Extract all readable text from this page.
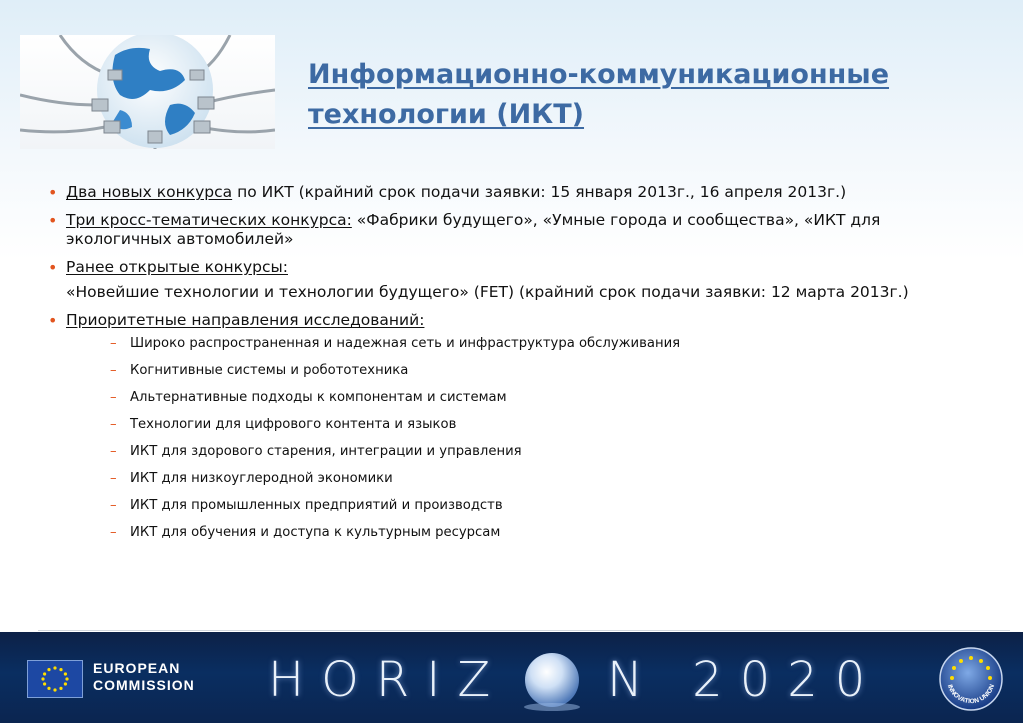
Информационно-коммуникационные
технологии (ИКТ)
• Два новых конкурса по ИКТ (крайний срок подачи заявки: 15 января 2013г., 16 апреля 2013г.)
• Три кросс-тематических конкурса: «Фабрики будущего», «Умные города и сообщества», «ИКТ для экологичных автомобилей»
• Ранее открытые конкурсы:
«Новейшие технологии и технологии будущего» (FET) (крайний срок подачи заявки: 12 марта 2013г.)
• Приоритетные направления исследований:
– Широко распространенная и надежная сеть и инфраструктура обслуживания
– Когнитивные системы и робототехника
– Альтернативные подходы к компонентам и системам
– Технологии для цифрового контента и языков
– ИКТ для здорового старения, интеграции и управления
– ИКТ для низкоуглеродной экономики
– ИКТ для промышленных предприятий и производств
– ИКТ для обучения и доступа к культурным ресурсам
EUROPEAN
COMMISSION HORIZ N 2020	INNOVATION UNION
